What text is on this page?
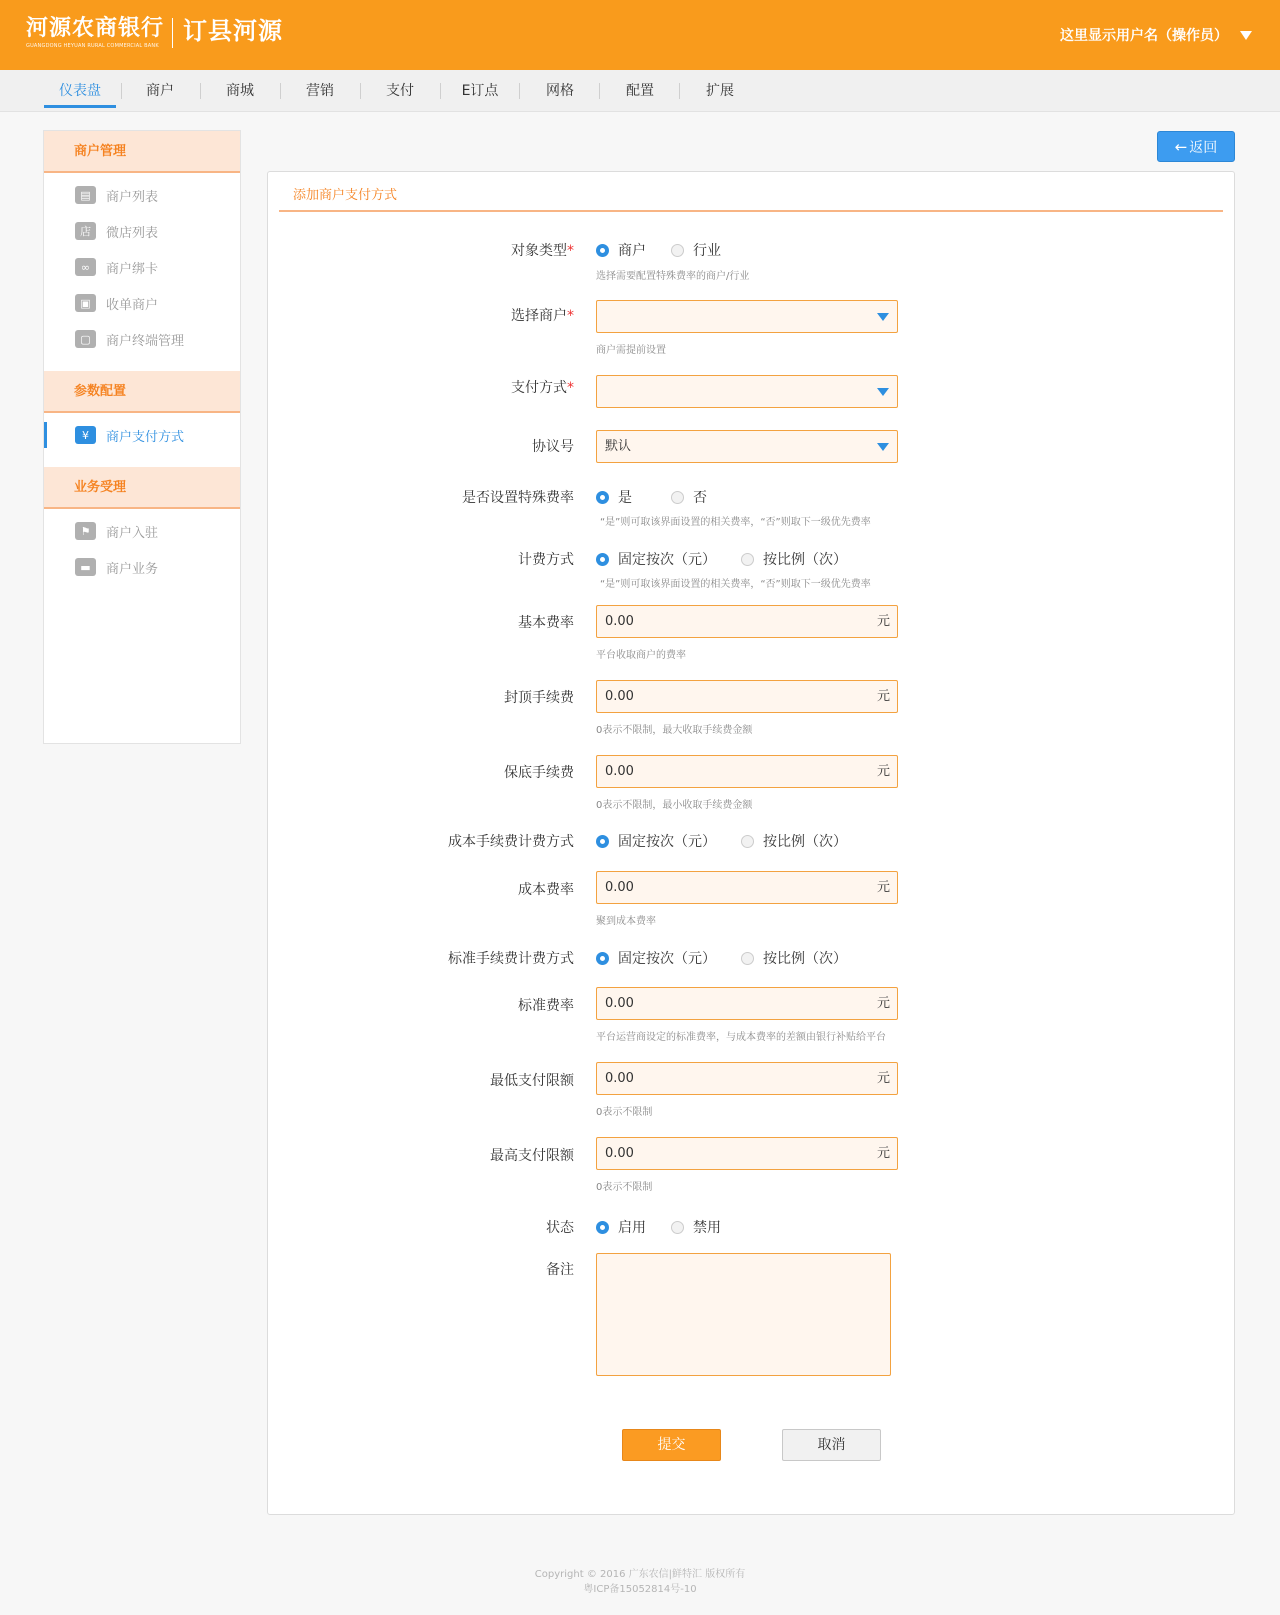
河源农商银行
GUANGDONG HEYUAN RURAL COMMERCIAL BANK
订县河源	这里显示用户名（操作员）
仪表盘	商户	商城	营销	支付	E订点	网格	配置	扩展
商户管理
▤	商户列表
店	微店列表
∞	商户绑卡
▣	收单商户
▢	商户终端管理
参数配置
¥	商户支付方式
业务受理
⚑	商户入驻
▬	商户业务
← 返回
添加商户支付方式
对象类型*	商户	行业
选择需要配置特殊费率的商户/行业
选择商户*
商户需提前设置
支付方式*
协议号	默认
是否设置特殊费率	是	否
“是”则可取该界面设置的相关费率，“否”则取下一级优先费率
计费方式	固定按次（元）	按比例（次）
“是”则可取该界面设置的相关费率，“否”则取下一级优先费率
基本费率	0.00	元
平台收取商户的费率
封顶手续费	0.00	元
0表示不限制，最大收取手续费金额
保底手续费	0.00	元
0表示不限制，最小收取手续费金额
成本手续费计费方式	固定按次（元）	按比例（次）
成本费率	0.00	元
聚到成本费率
标准手续费计费方式	固定按次（元）	按比例（次）
标准费率	0.00	元
平台运营商设定的标准费率，与成本费率的差额由银行补贴给平台
最低支付限额	0.00	元
0表示不限制
最高支付限额	0.00	元
0表示不限制
状态	启用	禁用
备注
提交	取消
Copyright © 2016 广东农信|鲜特汇 版权所有
粤ICP备15052814号-10
